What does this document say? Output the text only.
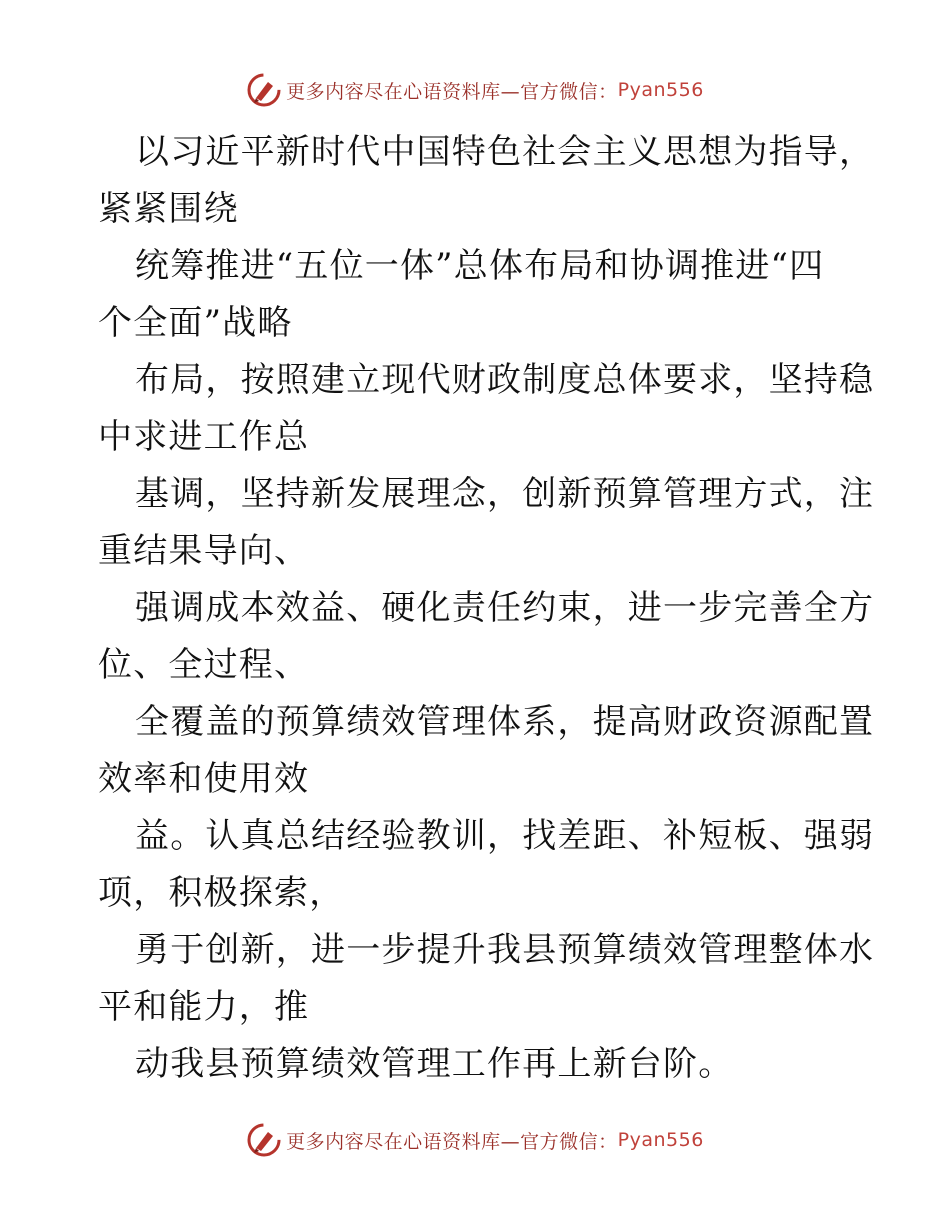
更多内容尽在心语资料库—官方微信： Pyan556

以习近平新时代中国特色社会主义思想为指导，

紧紧围绕

统筹推进“五位一体”总体布局和协调推进“四

个全面”战略

布局，按照建立现代财政制度总体要求，坚持稳

中求进工作总

基调，坚持新发展理念，创新预算管理方式，注

重结果导向、

强调成本效益、硬化责任约束，进一步完善全方

位、全过程、

全覆盖的预算绩效管理体系，提高财政资源配置

效率和使用效

益。认真总结经验教训，找差距、补短板、强弱

项，积极探索，

勇于创新，进一步提升我县预算绩效管理整体水

平和能力，推

动我县预算绩效管理工作再上新台阶。

更多内容尽在心语资料库—官方微信： Pyan556
